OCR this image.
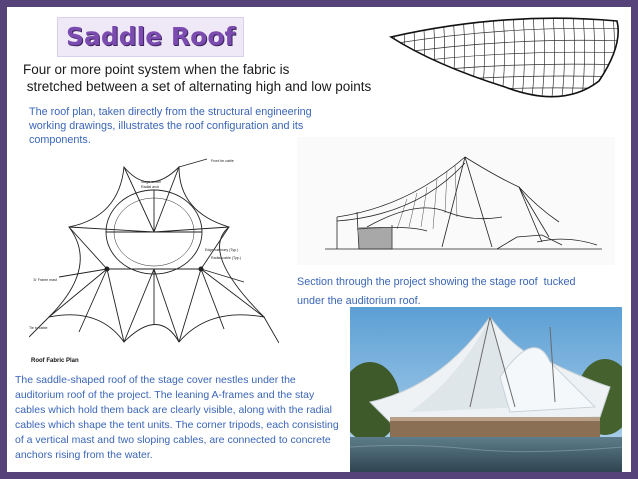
Saddle Roof
Four or more point system when the fabric is
stretched between a set of alternating high and low points
The roof plan, taken directly from the structural engineering working drawings, illustrates the roof configuration and its components.
Front tie cable
Stage crown
Radial arch
Edge catenary (Typ.)
Radial cable (Typ.)
'A' Frame mast
Tie to cable
Roof Fabric Plan
Section through the project showing the stage roof  tucked
under the auditorium roof.
The saddle-shaped roof of the stage cover nestles under the auditorium roof of the project. The leaning A-frames and the stay cables which hold them back are clearly visible, along with the radial cables which shape the tent units. The corner tripods, each consisting of a vertical mast and two sloping cables, are connected to concrete anchors rising from the water.
